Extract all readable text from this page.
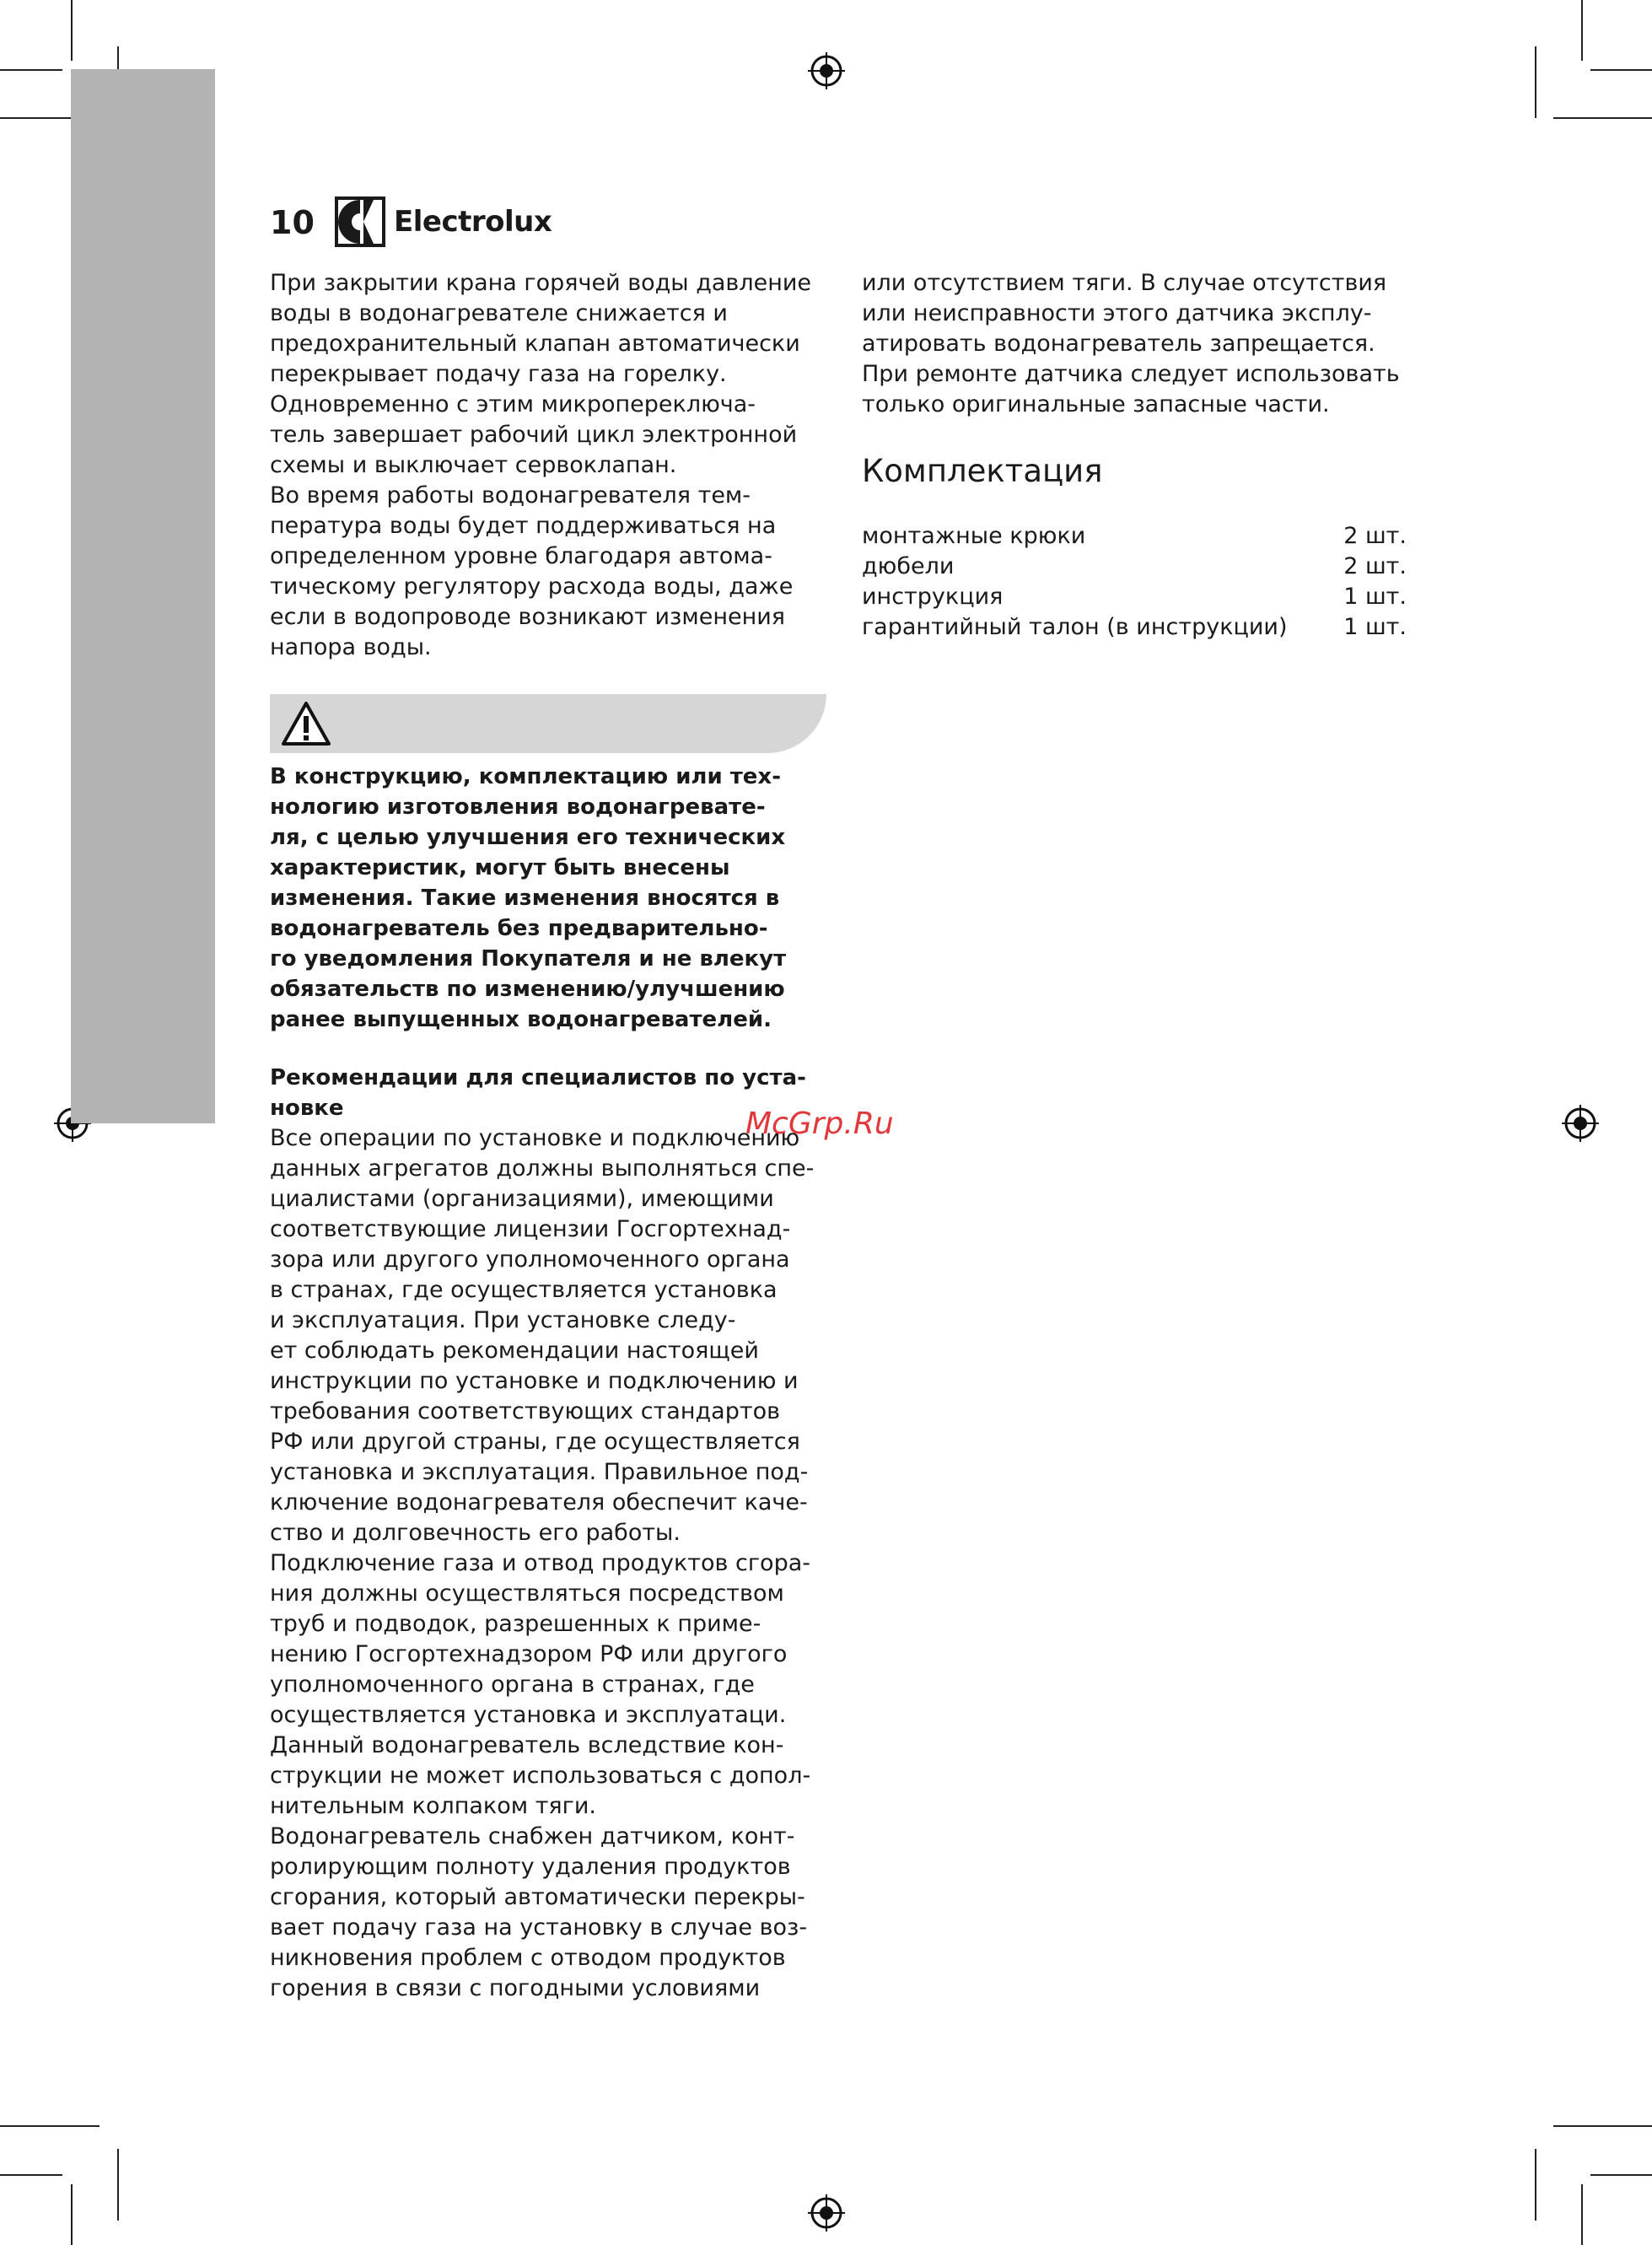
10	Electrolux

При закрытии крана горячей воды давление
воды в водонагревателе снижается и
предохранительный клапан автоматически
перекрывает подачу газа на горелку.
Одновременно с этим микропереключа-
тель завершает рабочий цикл электронной
схемы и выключает сервоклапан.
Во время работы водонагревателя тем-
пература воды будет поддерживаться на
определенном уровне благодаря автома-
тическому регулятору расхода воды, даже
если в водопроводе возникают изменения
напора воды.

В конструкцию, комплектацию или тех-
нологию изготовления водонагревате-
ля, с целью улучшения его технических
характеристик, могут быть внесены
изменения. Такие изменения вносятся в
водонагреватель без предварительно-
го уведомления Покупателя и не влекут
обязательств по изменению/улучшению
ранее выпущенных водонагревателей.

Рекомендации для специалистов по уста-
новке

Все операции по установке и подключению
данных агрегатов должны выполняться спе-
циалистами (организациями), имеющими
соответствующие лицензии Госгортехнад-
зора или другого уполномоченного органа
в странах, где осуществляется установка
и эксплуатация. При установке следу-
ет соблюдать рекомендации настоящей
инструкции по установке и подключению и
требования соответствующих стандартов
РФ или другой страны, где осуществляется
установка и эксплуатация. Правильное под-
ключение водонагревателя обеспечит каче-
ство и долговечность его работы.
Подключение газа и отвод продуктов сгора-
ния должны осуществляться посредством
труб и подводок, разрешенных к приме-
нению Госгортехнадзором РФ или другого
уполномоченного органа в странах, где
осуществляется установка и эксплуатаци.
Данный водонагреватель вследствие кон-
струкции не может использоваться с допол-
нительным колпаком тяги.
Водонагреватель снабжен датчиком, конт-
ролирующим полноту удаления продуктов
сгорания, который автоматически перекры-
вает подачу газа на установку в случае воз-
никновения проблем с отводом продуктов
горения в связи с погодными условиями

или отсутствием тяги. В случае отсутствия
или неисправности этого датчика эксплу-
атировать водонагреватель запрещается.
При ремонте датчика следует использовать
только оригинальные запасные части.

Комплектация
монтажные крюки	2 шт.
дюбели	2 шт.
инструкция	1 шт.
гарантийный талон (в инструкции) 1 шт.
McGrp.Ru
